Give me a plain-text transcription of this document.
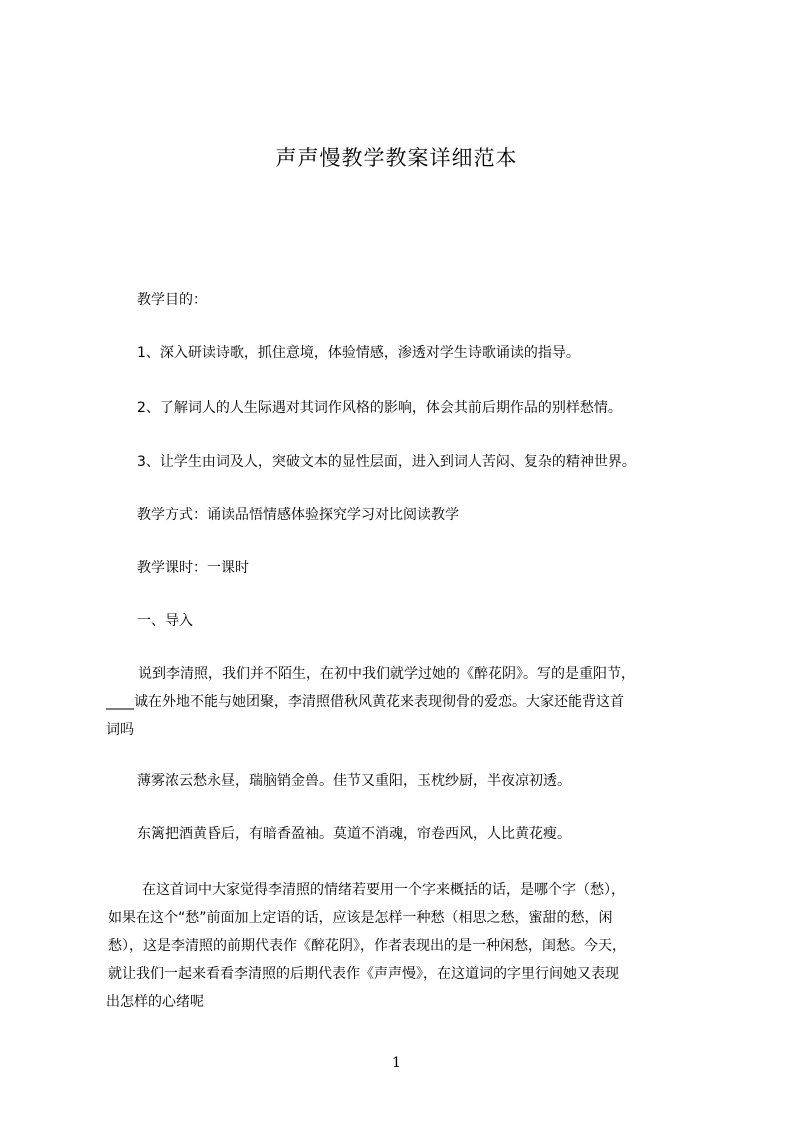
声声慢教学教案详细范本
教学目的：
1、深入研读诗歌，抓住意境，体验情感，渗透对学生诗歌诵读的指导。
2、了解词人的人生际遇对其词作风格的影响，体会其前后期作品的别样愁情。
3、让学生由词及人，突破文本的显性层面，进入到词人苦闷、复杂的精神世界。
教学方式：诵读品悟情感体验探究学习对比阅读教学
教学课时：一课时
一、导入
说到李清照，我们并不陌生，在初中我们就学过她的《醉花阴》。写的是重阳节，
____诚在外地不能与她团聚，李清照借秋风黄花来表现彻骨的爱恋。大家还能背这首
词吗
薄雾浓云愁永昼，瑞脑销金兽。佳节又重阳，玉枕纱厨，半夜凉初透。
东篱把酒黄昏后，有暗香盈袖。莫道不消魂，帘卷西风，人比黄花瘦。
在这首词中大家觉得李清照的情绪若要用一个字来概括的话，是哪个字（愁），
如果在这个“愁”前面加上定语的话，应该是怎样一种愁（相思之愁，蜜甜的愁，闲
愁），这是李清照的前期代表作《醉花阴》，作者表现出的是一种闲愁，闺愁。今天，
就让我们一起来看看李清照的后期代表作《声声慢》，在这道词的字里行间她又表现
出怎样的心绪呢
1
